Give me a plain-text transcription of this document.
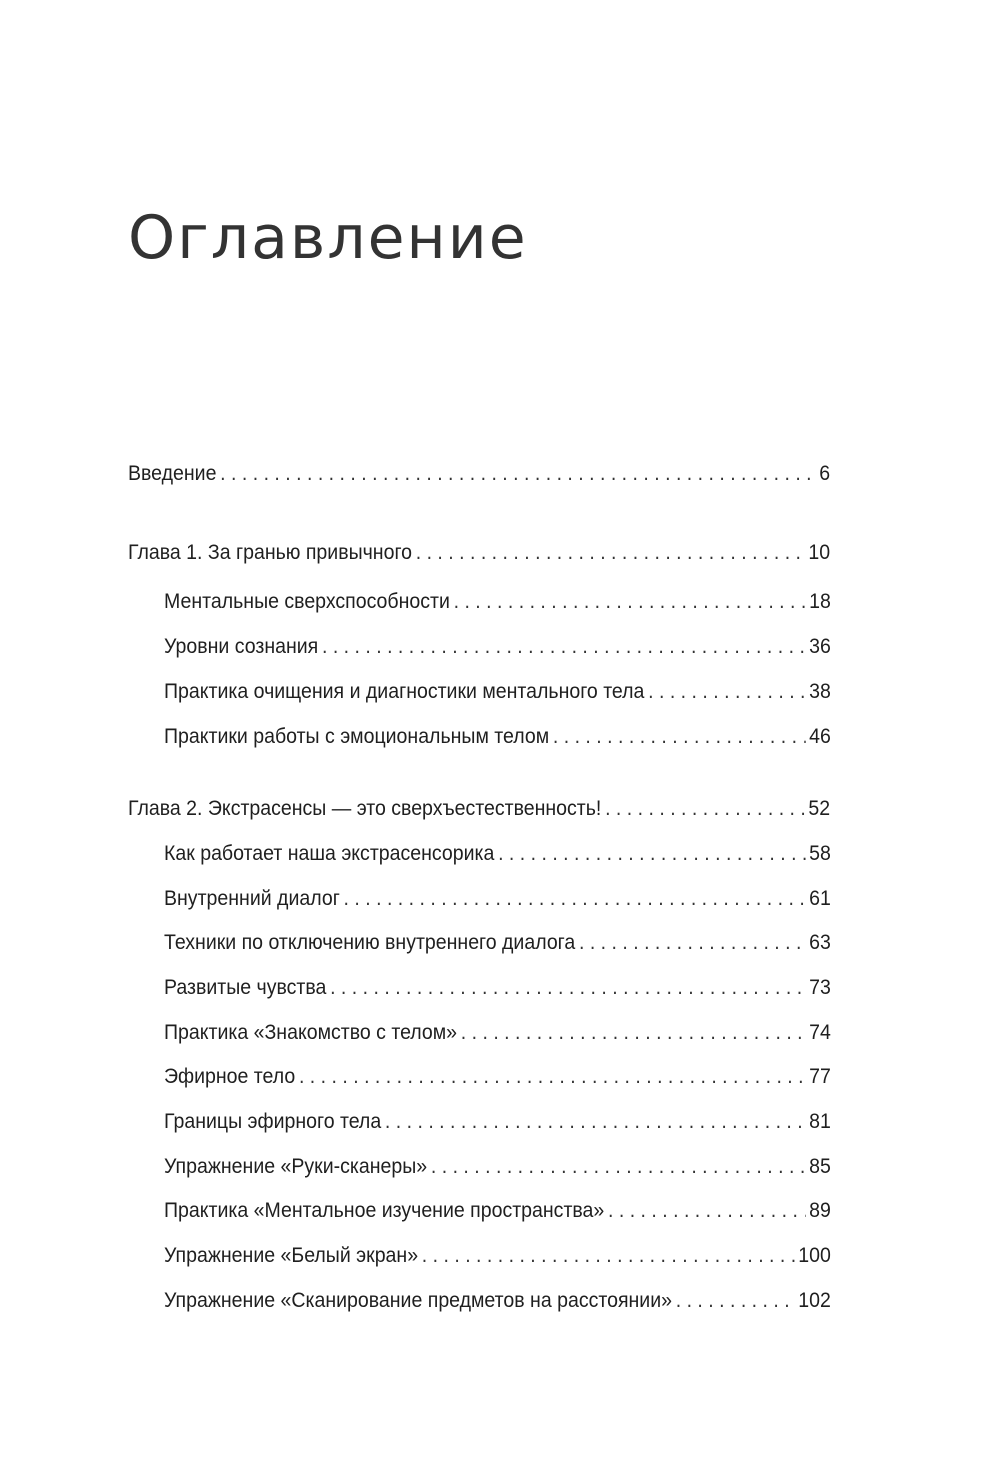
Оглавление
Введение . . .	6
Глава 1. За гранью привычного . . .	10
Ментальные сверхспособности . . .	18
Уровни сознания . . .	36
Практика очищения и диагностики ментального тела . . .	38
Практики работы с эмоциональным телом . . .	46
Глава 2. Экстрасенсы — это сверхъестественность! . . .	52
Как работает наша экстрасенсорика . . .	58
Внутренний диалог . . .	61
Техники по отключению внутреннего диалога . . .	63
Развитые чувства . . .	73
Практика «Знакомство с телом» . . .	74
Эфирное тело . . .	77
Границы эфирного тела . . .	81
Упражнение «Руки-сканеры» . . .	85
Практика «Ментальное изучение пространства» . . .	89
Упражнение «Белый экран» . . .	100
Упражнение «Сканирование предметов на расстоянии» . . .	102
